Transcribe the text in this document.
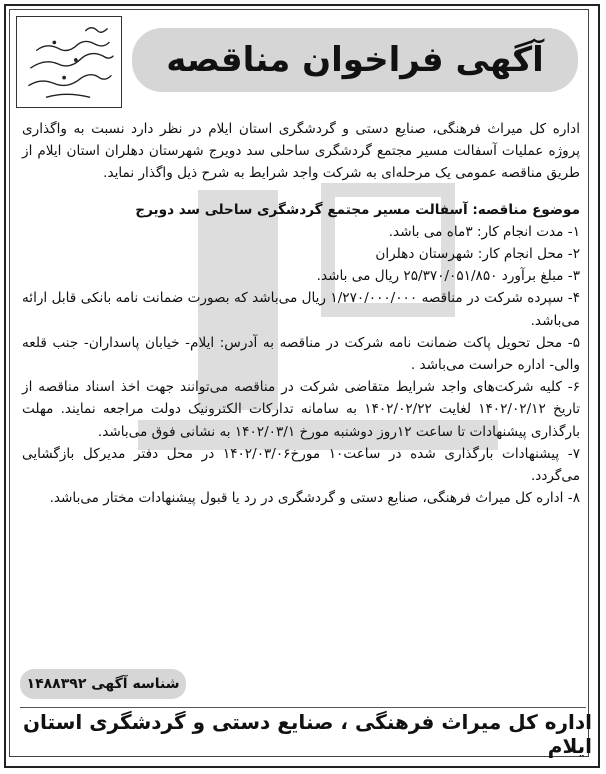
آگهی فراخوان مناقصه

اداره کل میراث فرهنگی، صنایع دستی و گردشگری استان ایلام در نظر دارد نسبت به واگذاری پروژه عملیات آسفالت مسیر مجتمع گردشگری ساحلی سد دویرج شهرستان دهلران استان ایلام از طریق مناقصه عمومی یک مرحله‌ای به شرکت واجد شرایط به شرح ذیل واگذار نماید.

موضوع مناقصه: آسفالت مسیر مجتمع گردشگری ساحلی سد دویرج

۱- مدت انجام کار: ۳ماه می باشد.

۲- محل انجام کار: شهرستان دهلران

۳- مبلغ برآورد ۲۵/۳۷۰/۰۵۱/۸۵۰ ریال می باشد.

۴- سپرده شرکت در مناقصه ۱/۲۷۰/۰۰۰/۰۰۰ ریال می‌باشد که بصورت ضمانت نامه بانکی قابل ارائه می‌باشد.

۵- محل تحویل پاکت ضمانت نامه شرکت در مناقصه به آدرس: ایلام- خیابان پاسداران- جنب قلعه والی- اداره حراست می‌باشد .

۶- کلیه شرکت‌های واجد شرایط متقاضی شرکت در مناقصه می‌توانند جهت اخذ اسناد مناقصه از تاریخ ۱۴۰۲/۰۲/۱۲ لغایت ۱۴۰۲/۰۲/۲۲ به سامانه تدارکات الکترونیک دولت مراجعه نمایند. مهلت بارگذاری پیشنهادات تا ساعت ۱۲روز دوشنبه مورخ ۱۴۰۲/۰۳/۱ به نشانی فوق می‌باشد.

۷- پیشنهادات بارگذاری شده در ساعت۱۰ مورخ۱۴۰۲/۰۳/۰۶ در محل دفتر مدیرکل بازگشایی می‌گردد.

۸- اداره کل میراث فرهنگی، صنایع دستی و گردشگری در رد یا قبول پیشنهادات مختار می‌باشد.

شناسه آگهی ۱۴۸۸۳۹۲
اداره کل میراث فرهنگی ، صنایع دستی و گردشگری استان ایلام
